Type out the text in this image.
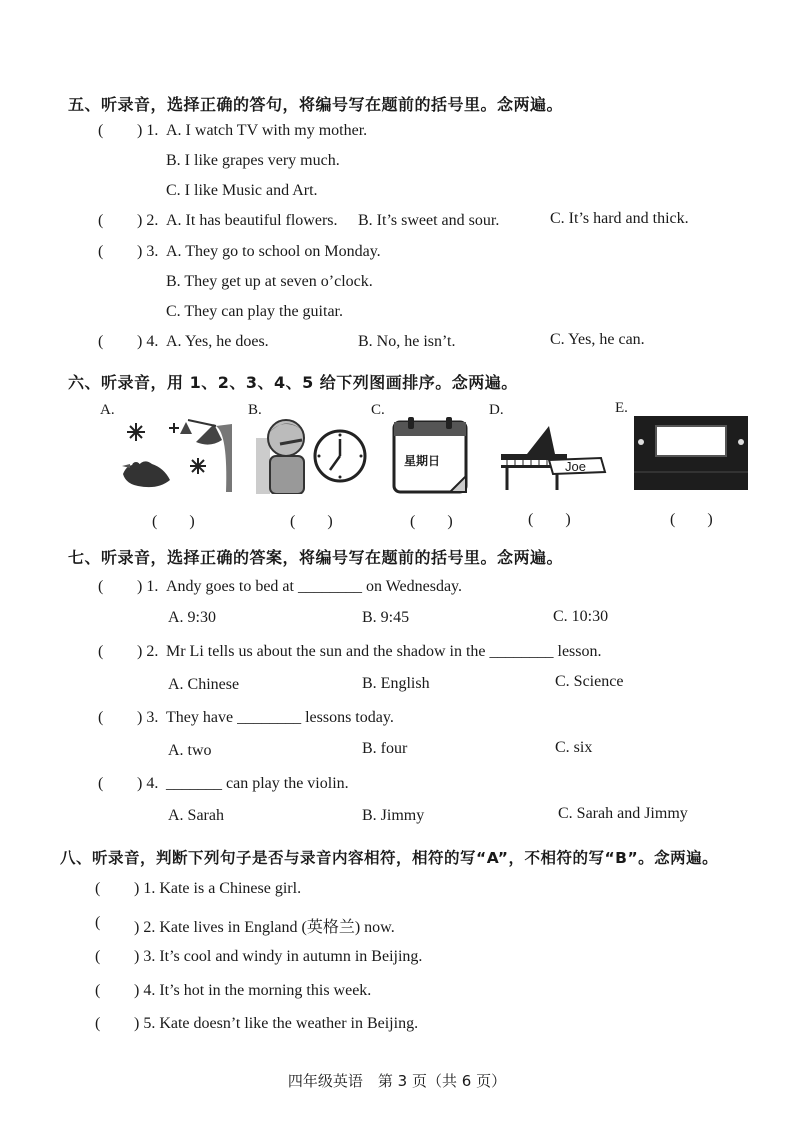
五、听录音，选择正确的答句，将编号写在题前的括号里。念两遍。
( ) 1. A. I watch TV with my mother.
B. I like grapes very much.
C. I like Music and Art.
( ) 2. A. It has beautiful flowers. B. It’s sweet and sour.	C. It’s hard and thick.
( ) 3. A. They go to school on Monday.
B. They get up at seven o’clock.
C. They can play the guitar.
( ) 4. A. Yes, he does.	B. No, he isn’t.	C. Yes, he can.
六、听录音，用 1、2、3、4、5 给下列图画排序。念两遍。
A.	B.	C.	D.	E.
星期日	Joe
(　　)	(　　)	(　　)	(　　)	(　　)
七、听录音，选择正确的答案，将编号写在题前的括号里。念两遍。
( ) 1. Andy goes to bed at ________ on Wednesday.
A. 9:30	B. 9:45	C. 10:30
( ) 2. Mr Li tells us about the sun and the shadow in the ________ lesson.
A. Chinese	B. English	C. Science
( ) 3. They have ________ lessons today.
A. two	B. four	C. six
( ) 4. _______ can play the violin.
A. Sarah	B. Jimmy	C. Sarah and Jimmy
八、听录音，判断下列句子是否与录音内容相符，相符的写“A”，不相符的写“B”。念两遍。
( ) 1. Kate is a Chinese girl.
( ) 2. Kate lives in England (英格兰) now.
( ) 3. It’s cool and windy in autumn in Beijing.
( ) 4. It’s hot in the morning this week.
( ) 5. Kate doesn’t like the weather in Beijing.
四年级英语　第 3 页（共 6 页）
